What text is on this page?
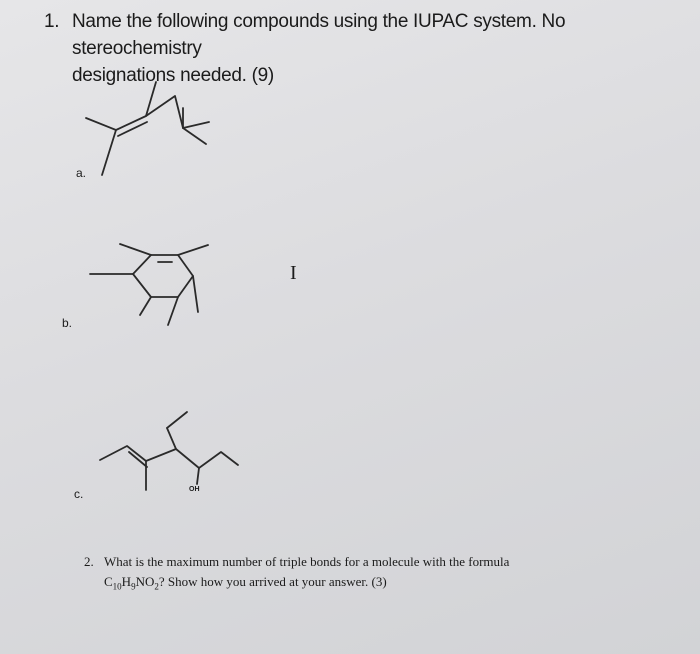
1. Name the following compounds using the IUPAC system. No stereochemistry
designations needed. (9)
a.
b.
c.	OH
I
2. What is the maximum number of triple bonds for a molecule with the formula
$C_{10}H_9NO_2$? Show how you arrived at your answer. (3)
